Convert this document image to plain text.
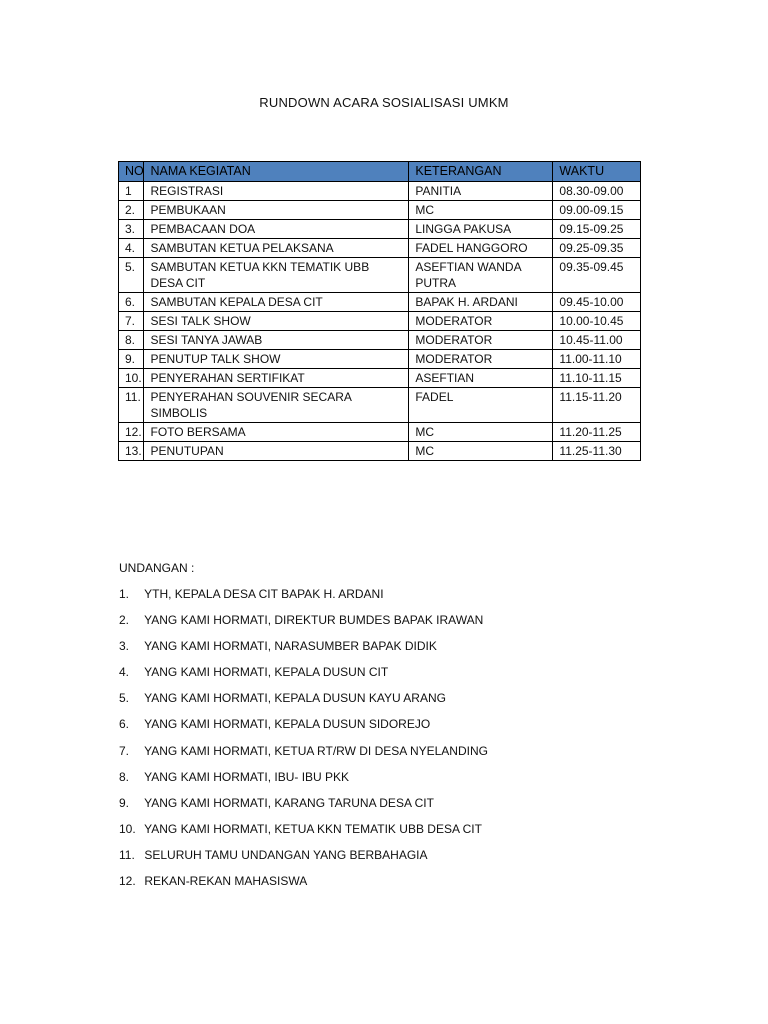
RUNDOWN ACARA SOSIALISASI UMKM
NO	NAMA KEGIATAN	KETERANGAN	WAKTU
1	REGISTRASI	PANITIA	08.30-09.00
2.	PEMBUKAAN	MC	09.00-09.15
3.	PEMBACAAN DOA	LINGGA PAKUSA	09.15-09.25
4.	SAMBUTAN KETUA PELAKSANA	FADEL HANGGORO	09.25-09.35
5.	SAMBUTAN KETUA KKN TEMATIK UBB DESA CIT	ASEFTIAN WANDA PUTRA	09.35-09.45
6.	SAMBUTAN KEPALA DESA CIT	BAPAK H. ARDANI	09.45-10.00
7.	SESI TALK SHOW	MODERATOR	10.00-10.45
8.	SESI TANYA JAWAB	MODERATOR	10.45-11.00
9.	PENUTUP TALK SHOW	MODERATOR	11.00-11.10
10.	PENYERAHAN SERTIFIKAT	ASEFTIAN	11.10-11.15
11.	PENYERAHAN SOUVENIR SECARA SIMBOLIS	FADEL	11.15-11.20
12.	FOTO BERSAMA	MC	11.20-11.25
13.	PENUTUPAN	MC	11.25-11.30
UNDANGAN :
1. YTH, KEPALA DESA CIT BAPAK H. ARDANI
2. YANG KAMI HORMATI, DIREKTUR BUMDES BAPAK IRAWAN
3. YANG KAMI HORMATI, NARASUMBER BAPAK DIDIK
4. YANG KAMI HORMATI, KEPALA DUSUN CIT
5. YANG KAMI HORMATI, KEPALA DUSUN KAYU ARANG
6. YANG KAMI HORMATI, KEPALA DUSUN SIDOREJO
7. YANG KAMI HORMATI, KETUA RT/RW DI DESA NYELANDING
8. YANG KAMI HORMATI, IBU- IBU PKK
9. YANG KAMI HORMATI, KARANG TARUNA DESA CIT
10. YANG KAMI HORMATI, KETUA KKN TEMATIK UBB DESA CIT
11. SELURUH TAMU UNDANGAN YANG BERBAHAGIA
12. REKAN-REKAN MAHASISWA
